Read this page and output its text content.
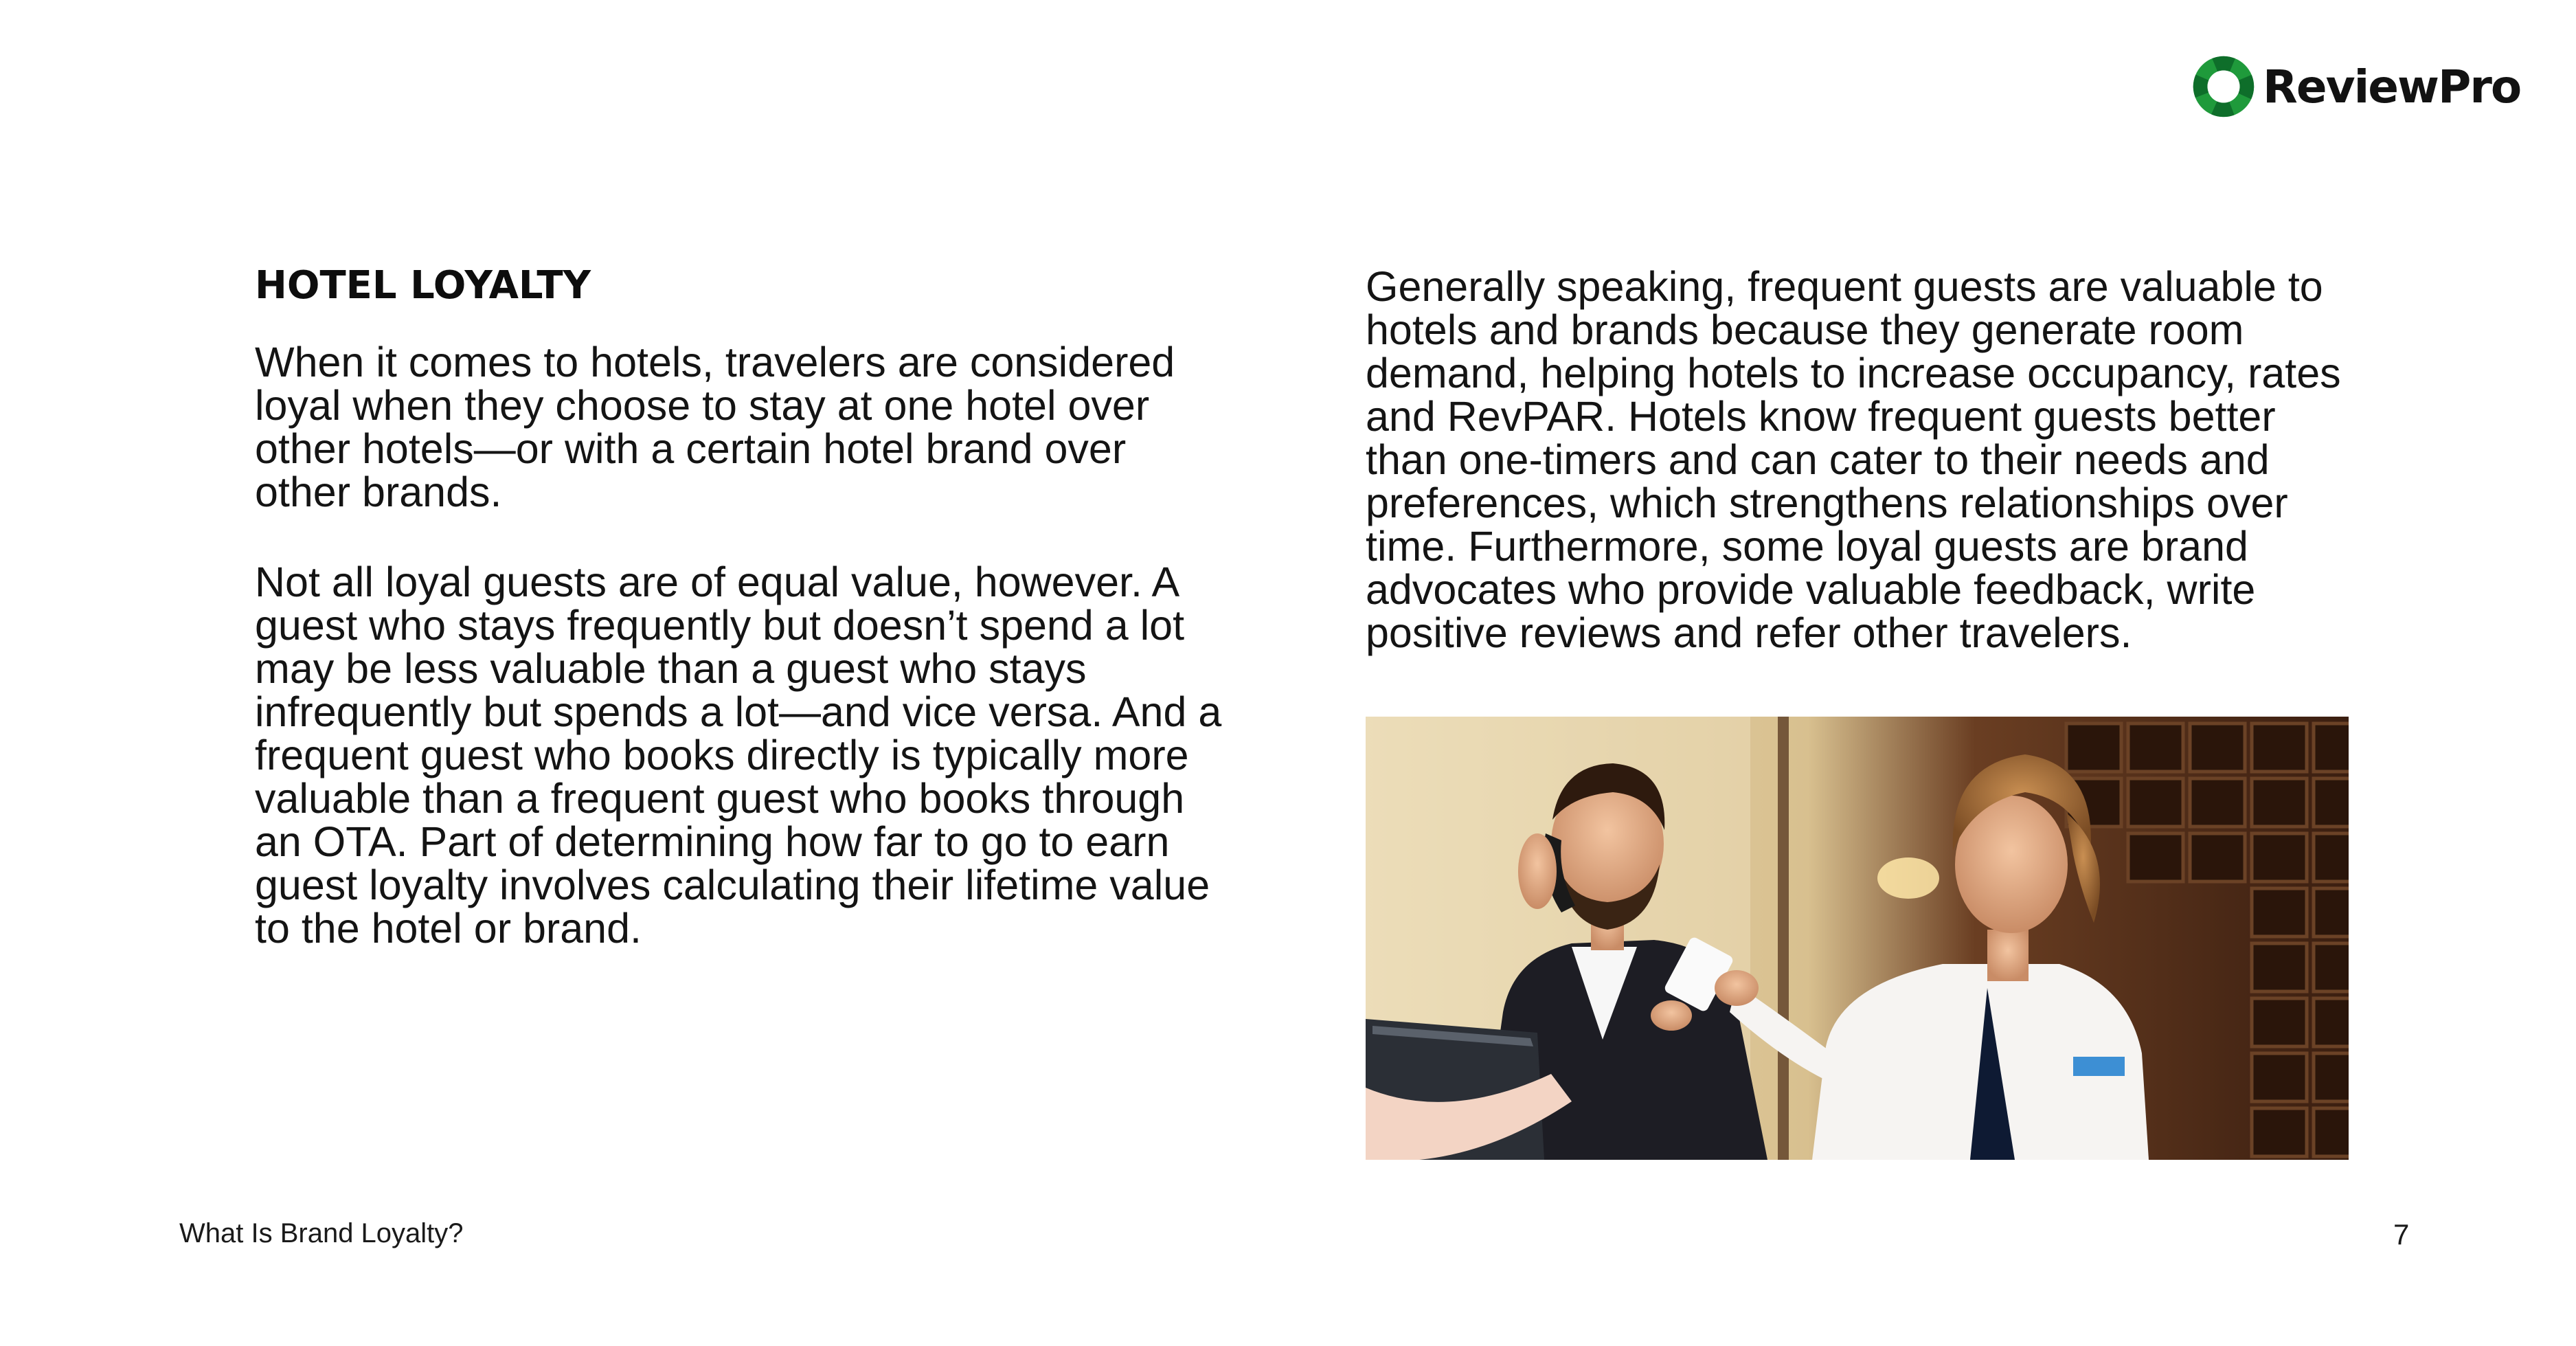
ReviewPro
HOTEL LOYALTY

When it comes to hotels, travelers are considered loyal when they choose to stay at one hotel over other hotels—or with a certain hotel brand over other brands.

Not all loyal guests are of equal value, however. A guest who stays frequently but doesn’t spend a lot may be less valuable than a guest who stays infrequently but spends a lot—and vice versa. And a frequent guest who books directly is typically more valuable than a frequent guest who books through an OTA. Part of determining how far to go to earn guest loyalty involves calculating their lifetime value to the hotel or brand.

Generally speaking, frequent guests are valuable to hotels and brands because they generate room demand, helping hotels to increase occupancy, rates and RevPAR. Hotels know frequent guests better than one-timers and can cater to their needs and preferences, which strengthens relationships over time. Furthermore, some loyal guests are brand advocates who provide valuable feedback, write positive reviews and refer other travelers.

What Is Brand Loyalty?	7
